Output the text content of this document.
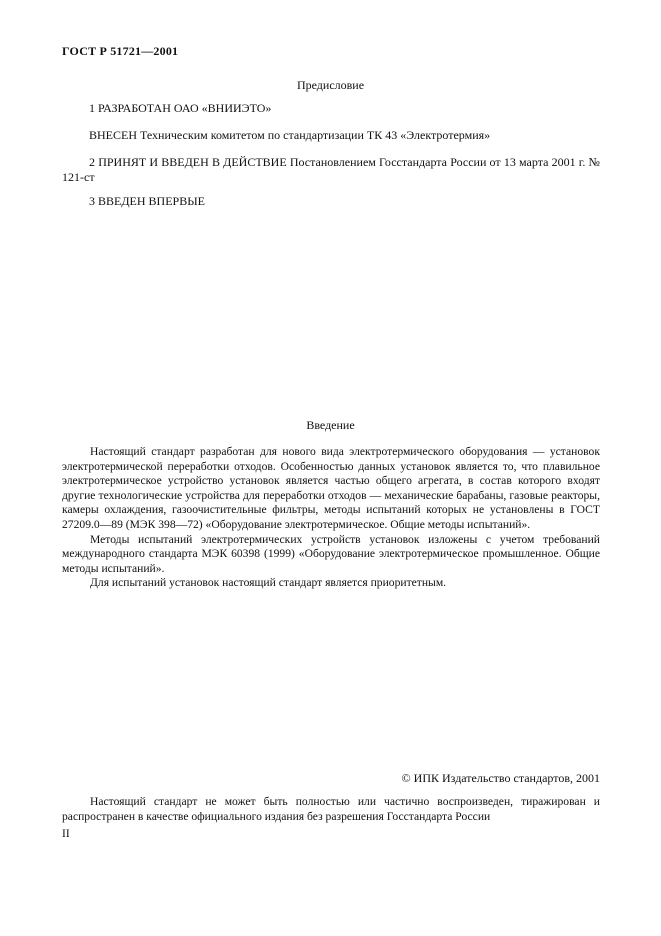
ГОСТ Р 51721—2001
Предисловие
1 РАЗРАБОТАН ОАО «ВНИИЭТО»
ВНЕСЕН Техническим комитетом по стандартизации ТК 43 «Электротермия»
2 ПРИНЯТ И ВВЕДЕН В ДЕЙСТВИЕ Постановлением Госстандарта России от 13 марта 2001 г. № 121-ст
3 ВВЕДЕН ВПЕРВЫЕ
Введение

Настоящий стандарт разработан для нового вида электротермического оборудования — установок электротермической переработки отходов. Особенностью данных установок является то, что плавильное электротермическое устройство установок является частью общего агрегата, в состав которого входят другие технологические устройства для переработки отходов — механические барабаны, газовые реакторы, камеры охлаждения, газоочистительные фильтры, методы испытаний которых не установлены в ГОСТ 27209.0—89 (МЭК 398—72) «Оборудование электротермическое. Общие методы испытаний».

Методы испытаний электротермических устройств установок изложены с учетом требований международного стандарта МЭК 60398 (1999) «Оборудование электротермическое промышленное. Общие методы испытаний».

Для испытаний установок настоящий стандарт является приоритетным.

© ИПК Издательство стандартов, 2001
Настоящий стандарт не может быть полностью или частично воспроизведен, тиражирован и распространен в качестве официального издания без разрешения Госстандарта России
II
